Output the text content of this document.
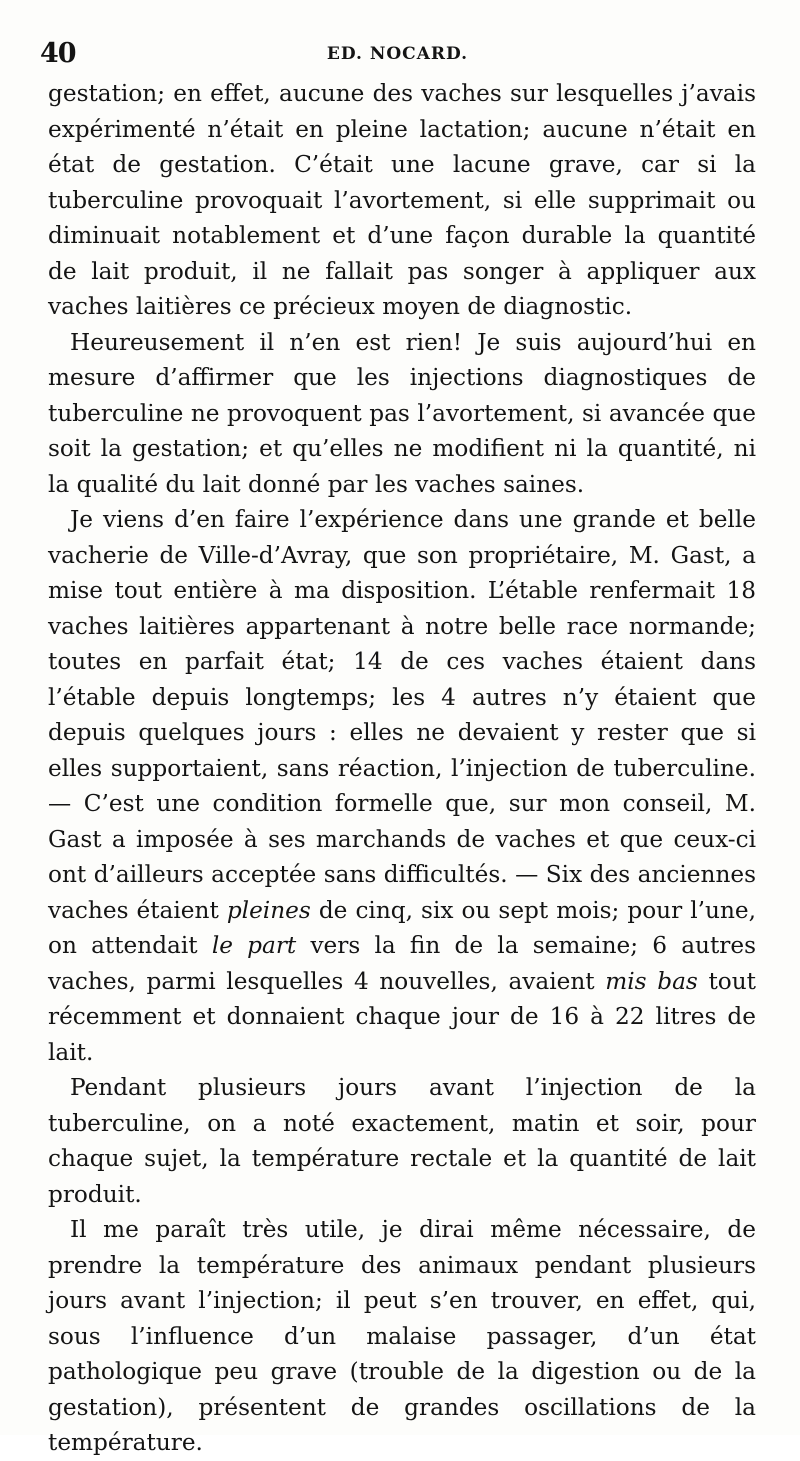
40	ED. NOCARD.

gestation; en effet, aucune des vaches sur lesquelles j’avais expérimenté n’était en pleine lactation; aucune n’était en état de gestation. C’était une lacune grave, car si la tuberculine provoquait l’avortement, si elle supprimait ou diminuait notablement et d’une façon durable la quantité de lait produit, il ne fallait pas songer à appliquer aux vaches laitières ce précieux moyen de diagnostic.

Heureusement il n’en est rien! Je suis aujourd’hui en mesure d’affirmer que les injections diagnostiques de tuberculine ne provoquent pas l’avortement, si avancée que soit la gestation; et qu’elles ne modifient ni la quantité, ni la qualité du lait donné par les vaches saines.

Je viens d’en faire l’expérience dans une grande et belle vacherie de Ville-d’Avray, que son propriétaire, M. Gast, a mise tout entière à ma disposition. L’étable renfermait 18 vaches laitières appartenant à notre belle race normande; toutes en parfait état; 14 de ces vaches étaient dans l’étable depuis longtemps; les 4 autres n’y étaient que depuis quelques jours : elles ne devaient y rester que si elles supportaient, sans réaction, l’injection de tuberculine. — C’est une condition formelle que, sur mon conseil, M. Gast a imposée à ses marchands de vaches et que ceux-ci ont d’ailleurs acceptée sans difficultés. — Six des anciennes vaches étaient pleines de cinq, six ou sept mois; pour l’une, on attendait le part vers la fin de la semaine; 6 autres vaches, parmi lesquelles 4 nouvelles, avaient mis bas tout récemment et donnaient chaque jour de 16 à 22 litres de lait.

Pendant plusieurs jours avant l’injection de la tuberculine, on a noté exactement, matin et soir, pour chaque sujet, la température rectale et la quantité de lait produit.

Il me paraît très utile, je dirai même nécessaire, de prendre la température des animaux pendant plusieurs jours avant l’injection; il peut s’en trouver, en effet, qui, sous l’influence d’un malaise passager, d’un état pathologique peu grave (trouble de la digestion ou de la gestation), présentent de grandes oscillations de la température.
